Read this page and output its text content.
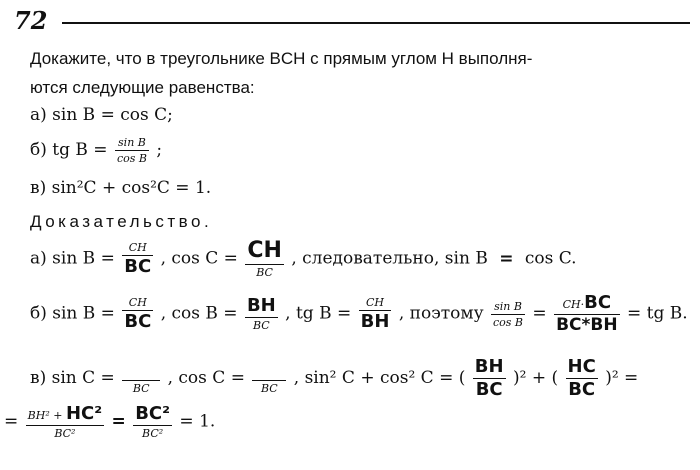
72
Докажите, что в треугольнике BCH с прямым углом H выполня-
ются следующие равенства:
а) sin B = cos C;
б) tg $B = \frac{\text{sin B}}{\text{cos B}}$ ;
в) sin²C + cos²C = 1.
Доказательство.
а) $\sin B = \frac{CH}{BC}$ , $\cos C = \frac{CH}{BC}$ , следовательно, sin B = cos C.
б) $\sin B = \frac{CH}{BC}$ , $\cos B = \frac{BH}{BC}$ , tg $B = \frac{CH}{BH}$ , поэтому $\frac{\text{sin B}}{\text{cos B}} = \frac{CH\cdot BC}{BC*BH}$ = tg B.
в) sin C =
BC
, cos C =
BC
, sin² C + cos² C = ( $\frac{BH}{BC} )^2$ + ( $\frac{HC}{BC} )^2$ =
= $\frac{\text{BH² + HC²}}{\text{BC²}} = \frac{\text{BC²}}{\text{BC²}} = 1$.
